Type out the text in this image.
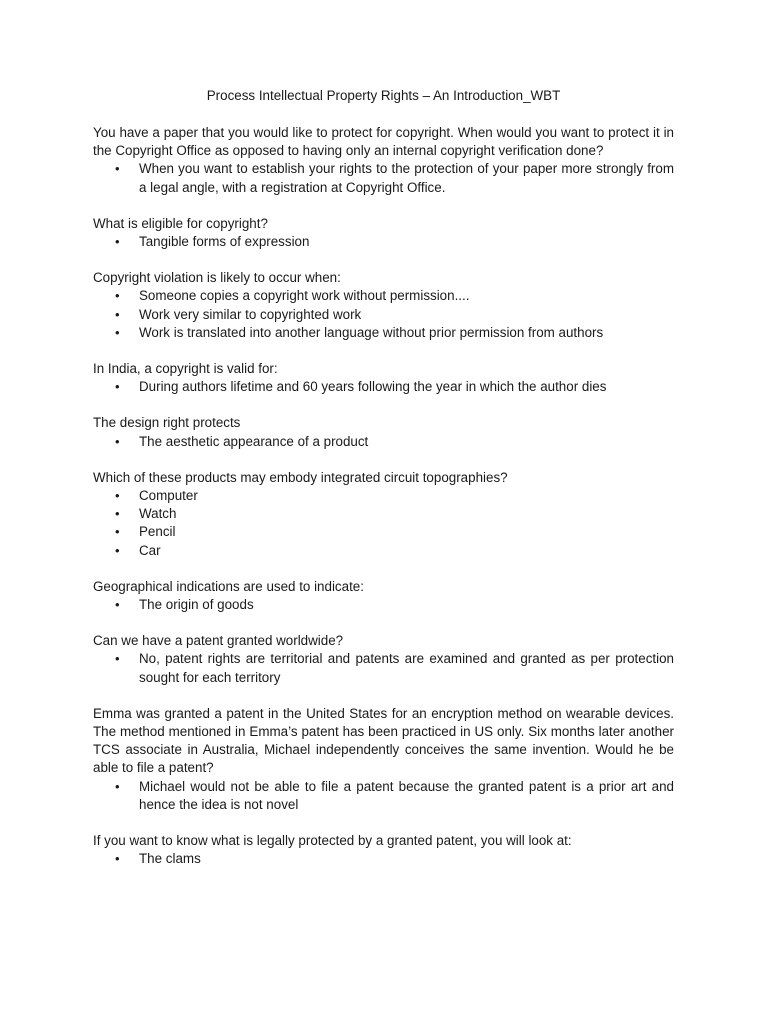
Process Intellectual Property Rights – An Introduction_WBT

You have a paper that you would like to protect for copyright. When would you want to protect it in the Copyright Office as opposed to having only an internal copyright verification done?

• When you want to establish your rights to the protection of your paper more strongly from a legal angle, with a registration at Copyright Office.

What is eligible for copyright?

• Tangible forms of expression

Copyright violation is likely to occur when:

• Someone copies a copyright work without permission....
• Work very similar to copyrighted work
• Work is translated into another language without prior permission from authors

In India, a copyright is valid for:

• During authors lifetime and 60 years following the year in which the author dies

The design right protects

• The aesthetic appearance of a product

Which of these products may embody integrated circuit topographies?

• Computer
• Watch
• Pencil
• Car

Geographical indications are used to indicate:

• The origin of goods

Can we have a patent granted worldwide?

• No, patent rights are territorial and patents are examined and granted as per protection sought for each territory

Emma was granted a patent in the United States for an encryption method on wearable devices. The method mentioned in Emma’s patent has been practiced in US only. Six months later another TCS associate in Australia, Michael independently conceives the same invention. Would he be able to file a patent?

• Michael would not be able to file a patent because the granted patent is a prior art and hence the idea is not novel

If you want to know what is legally protected by a granted patent, you will look at:

• The clams
